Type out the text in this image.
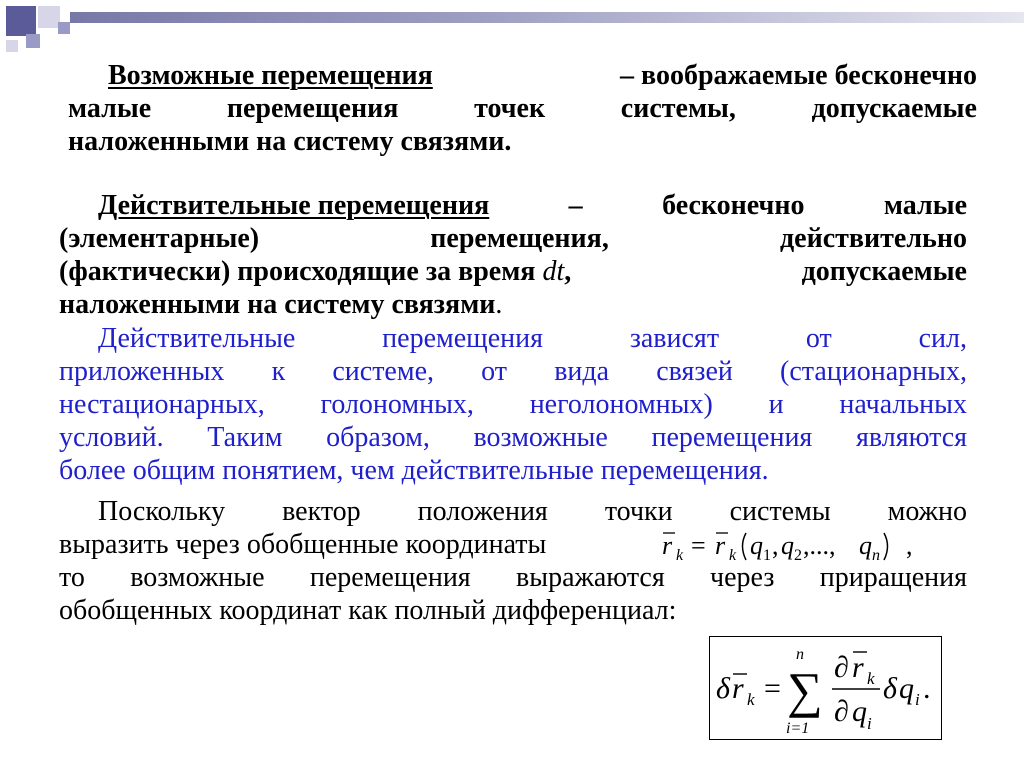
Возможные перемещения	– воображаемые бесконечно
малые	перемещения	точек	системы,	допускаемые
наложенными на систему связями.
Действительные перемещения	–	бесконечно	малые
(элементарные)	перемещения,	действительно
(фактически) происходящие за время dt,	допускаемые
наложенными на систему связями.
Действительные	перемещения	зависят	от	сил,
приложенных к системе, от вида связей (стационарных,
нестационарных, голономных, неголономных) и начальных
условий. Таким образом, возможные перемещения являются
более общим понятием, чем действительные перемещения.
Поскольку вектор положения точки системы можно
выразить через обобщенные координаты
то возможные перемещения выражаются через приращения
обобщенных координат как полный дифференциал:
r k = r k q 1 , q 2 ,..., q n ,
δ r k =
n
∑
i=1
∂ r k
∂ q i
δ q i .
